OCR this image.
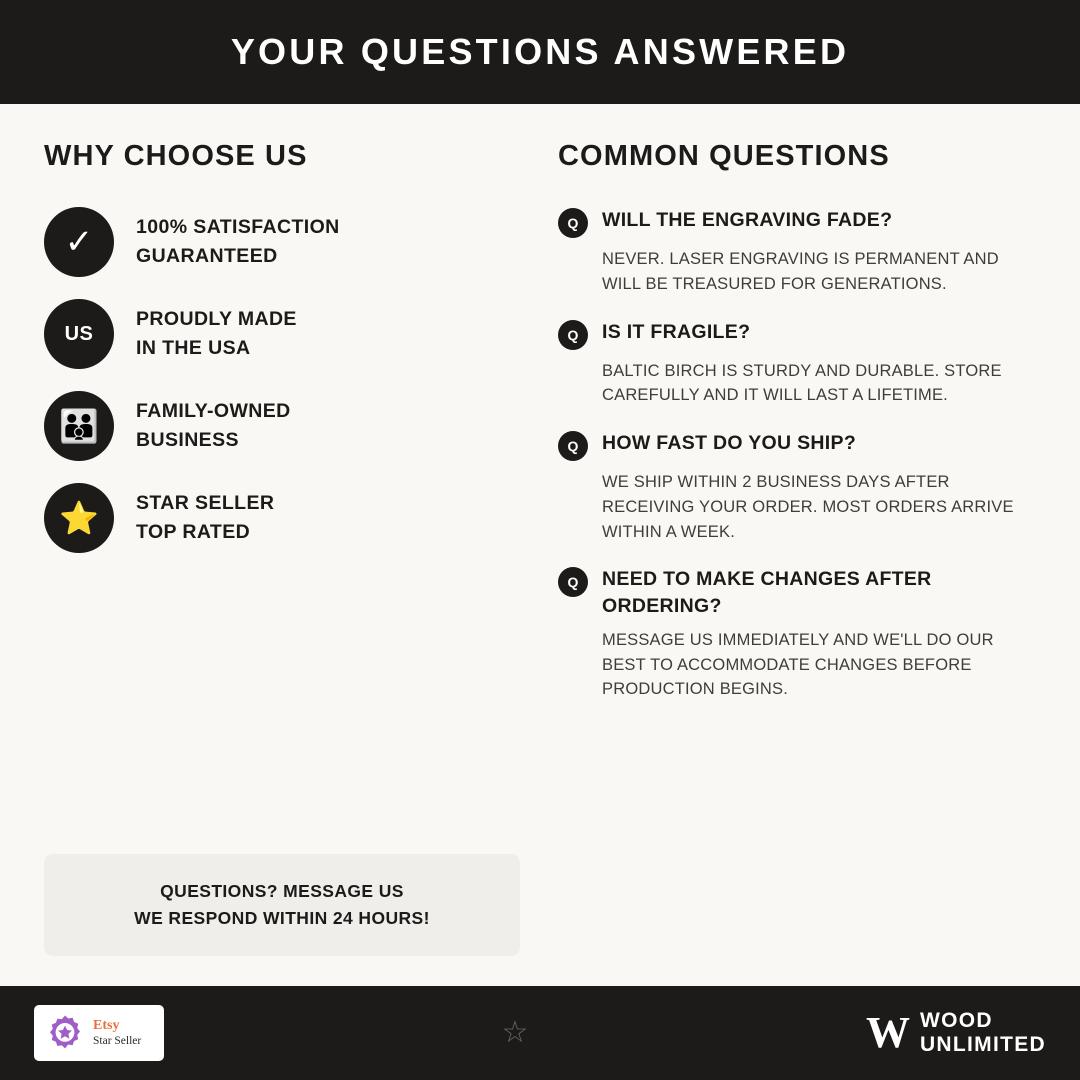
YOUR QUESTIONS ANSWERED
WHY CHOOSE US
✓	100% SATISFACTION
GUARANTEED
US
PROUDLY MADE
IN THE USA
👪	FAMILY-OWNED
BUSINESS
⭐	STAR SELLER
TOP RATED
COMMON QUESTIONS
Q	WILL THE ENGRAVING FADE?
NEVER. LASER ENGRAVING IS PERMANENT AND WILL BE TREASURED FOR GENERATIONS.
Q	IS IT FRAGILE?
BALTIC BIRCH IS STURDY AND DURABLE. STORE CAREFULLY AND IT WILL LAST A LIFETIME.
Q	HOW FAST DO YOU SHIP?
WE SHIP WITHIN 2 BUSINESS DAYS AFTER RECEIVING YOUR ORDER. MOST ORDERS ARRIVE WITHIN A WEEK.
Q	NEED TO MAKE CHANGES AFTER ORDERING?
MESSAGE US IMMEDIATELY AND WE'LL DO OUR BEST TO ACCOMMODATE CHANGES BEFORE PRODUCTION BEGINS.
QUESTIONS? MESSAGE US
WE RESPOND WITHIN 24 HOURS!
Etsy
Star Seller	☆	W WOOD
UNLIMITED
